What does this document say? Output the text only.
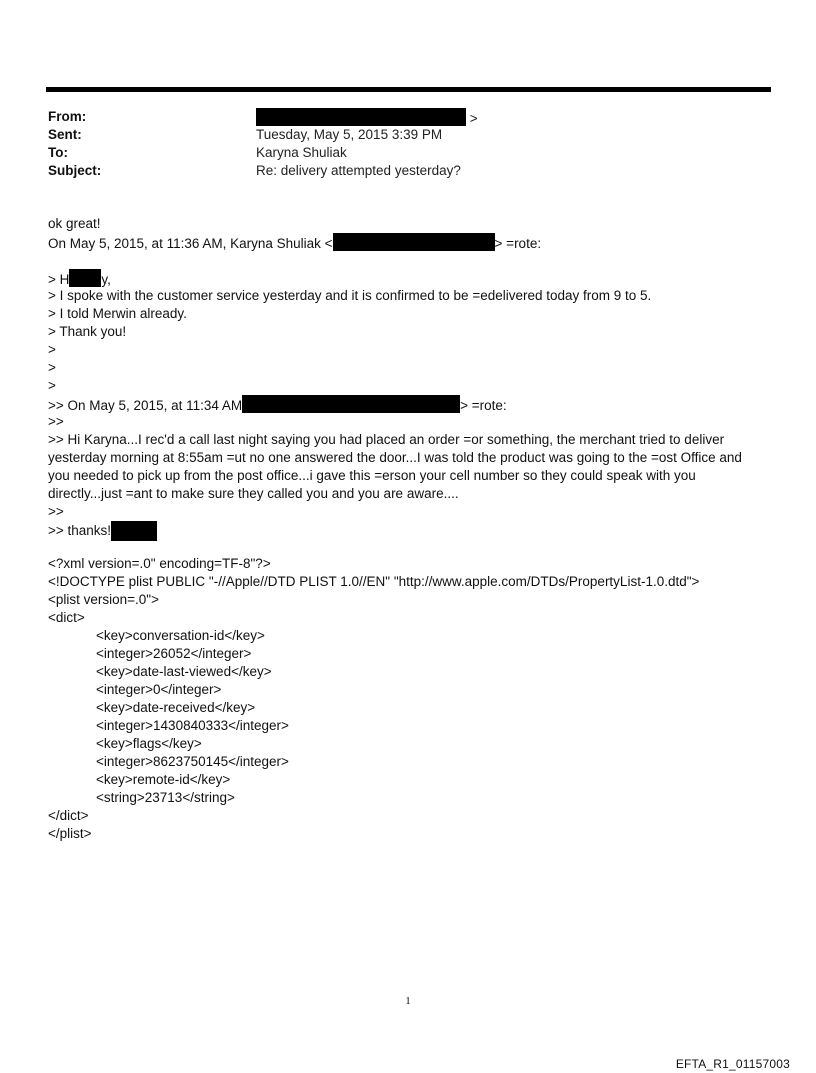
From:	>
Sent:	Tuesday, May 5, 2015 3:39 PM
To:	Karyna Shuliak
Subject:	Re: delivery attempted yesterday?
ok great!
On May 5, 2015, at 11:36 AM, Karyna Shuliak <	> =rote:
> H y,
> I spoke with the customer service yesterday and it is confirmed to be =edelivered today from 9 to 5.
> I told Merwin already.
> Thank you!
>
>
>
>> On May 5, 2015, at 11:34 AM	> =rote:
>>
>> Hi Karyna...I rec'd a call last night saying you had placed an order =or something, the merchant tried to deliver yesterday morning at 8:55am =ut no one answered the door...I was told the product was going to the =ost Office and you needed to pick up from the post office...i gave this =erson your cell number so they could speak with you directly...just =ant to make sure they called you and you are aware....
>>
>> thanks!
<?xml version=.0" encoding=TF-8"?>
<!DOCTYPE plist PUBLIC "-//Apple//DTD PLIST 1.0//EN" "http://www.apple.com/DTDs/PropertyList-1.0.dtd">
<plist version=.0">
<dict>
<key>conversation-id</key>
<integer>26052</integer>
<key>date-last-viewed</key>
<integer>0</integer>
<key>date-received</key>
<integer>1430840333</integer>
<key>flags</key>
<integer>8623750145</integer>
<key>remote-id</key>
<string>23713</string>
</dict>
</plist>
1
EFTA_R1_01157003
